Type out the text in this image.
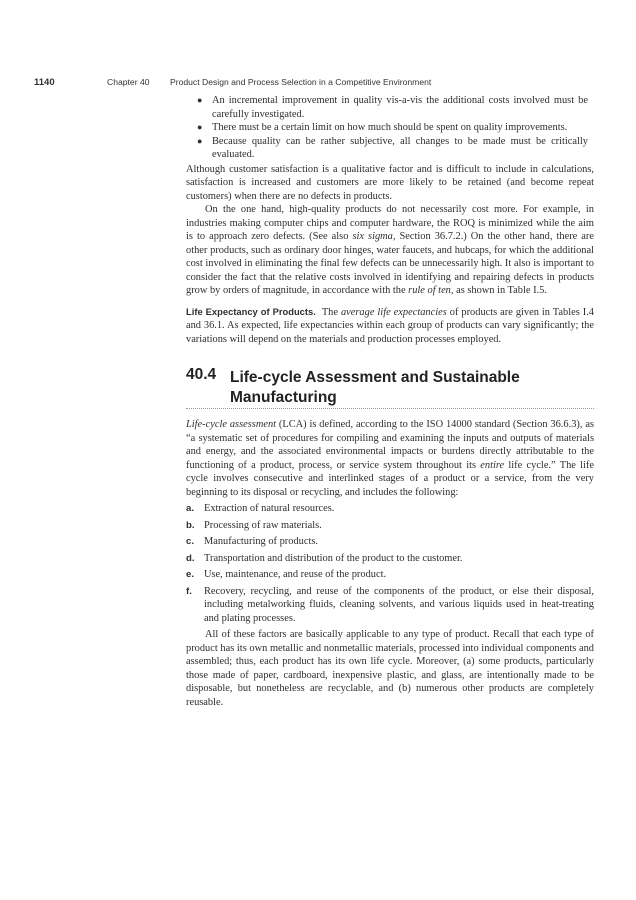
1140	Chapter 40 Product Design and Process Selection in a Competitive Environment
● An incremental improvement in quality vis-a-vis the additional costs involved must be carefully investigated.
● There must be a certain limit on how much should be spent on quality improvements.
● Because quality can be rather subjective, all changes to be made must be critically evaluated.

Although customer satisfaction is a qualitative factor and is difficult to include in calculations, satisfaction is increased and customers are more likely to be retained (and become repeat customers) when there are no defects in products.

On the one hand, high-quality products do not necessarily cost more. For example, in industries making computer chips and computer hardware, the ROQ is minimized while the aim is to approach zero defects. (See also six sigma, Section 36.7.2.) On the other hand, there are other products, such as ordinary door hinges, water faucets, and hubcaps, for which the additional cost involved in eliminating the final few defects can be unnecessarily high. It also is important to consider the fact that the relative costs involved in identifying and repairing defects in products grow by orders of magnitude, in accordance with the rule of ten, as shown in Table I.5.

Life Expectancy of Products. The average life expectancies of products are given in Tables I.4 and 36.1. As expected, life expectancies within each group of products can vary significantly; the variations will depend on the materials and production processes employed.

40.4 Life-cycle Assessment and Sustainable Manufacturing

Life-cycle assessment (LCA) is defined, according to the ISO 14000 standard (Section 36.6.3), as “a systematic set of procedures for compiling and examining the inputs and outputs of materials and energy, and the associated environmental impacts or burdens directly attributable to the functioning of a product, process, or service system throughout its entire life cycle.” The life cycle involves consecutive and interlinked stages of a product or a service, from the very beginning to its disposal or recycling, and includes the following:

a. Extraction of natural resources.
b. Processing of raw materials.
c. Manufacturing of products.
d. Transportation and distribution of the product to the customer.
e. Use, maintenance, and reuse of the product.
f. Recovery, recycling, and reuse of the components of the product, or else their disposal, including metalworking fluids, cleaning solvents, and various liquids used in heat-treating and plating processes.

All of these factors are basically applicable to any type of product. Recall that each type of product has its own metallic and nonmetallic materials, processed into individual components and assembled; thus, each product has its own life cycle. Moreover, (a) some products, particularly those made of paper, cardboard, inexpensive plastic, and glass, are intentionally made to be disposable, but nonetheless are recyclable, and (b) numerous other products are completely reusable.
